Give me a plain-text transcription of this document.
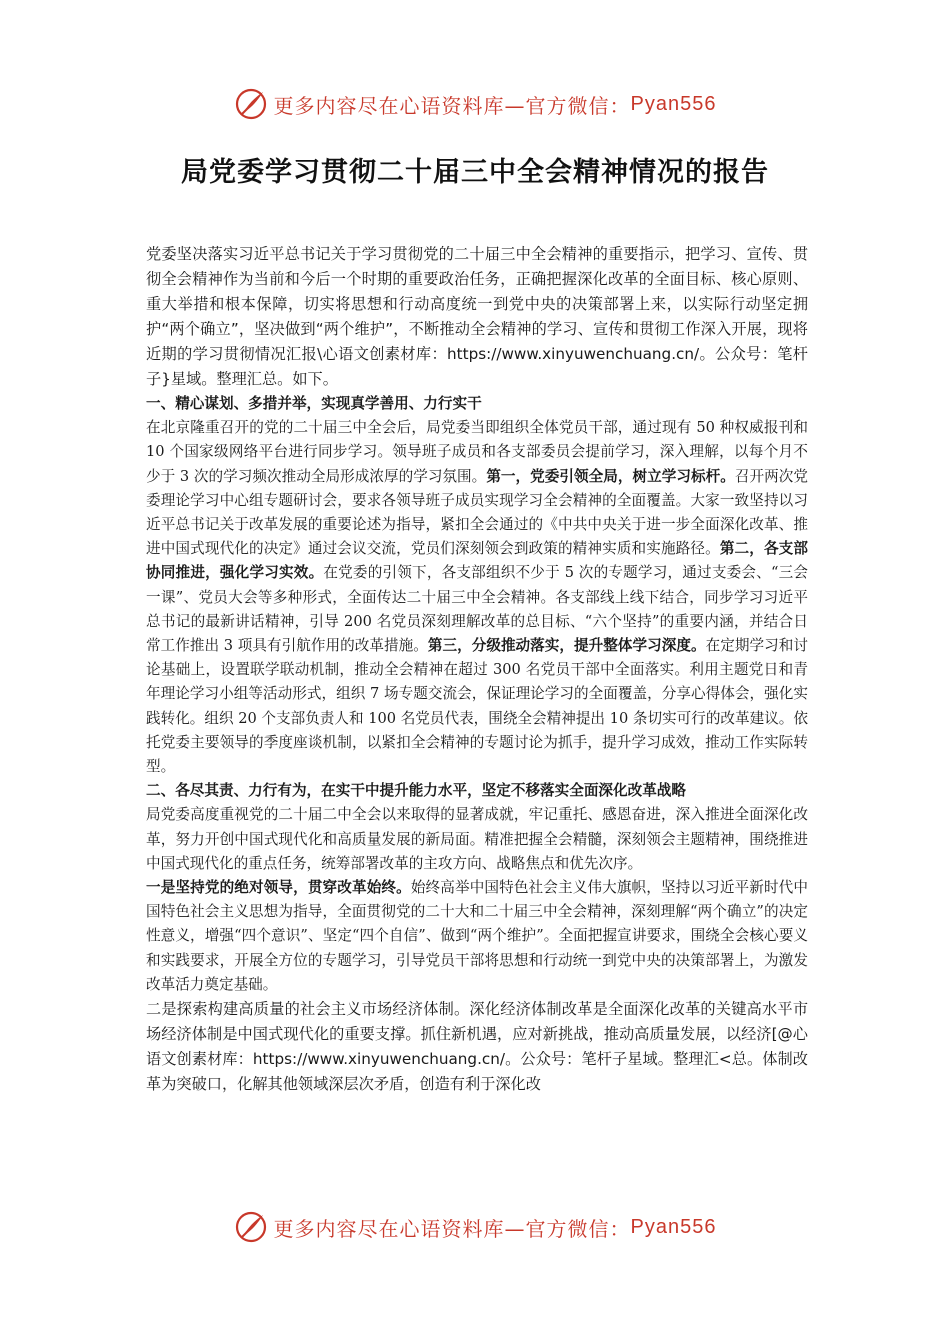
更多内容尽在心语资料库—官方微信： Pyan556
局党委学习贯彻二十届三中全会精神情况的报告

党委坚决落实习近平总书记关于学习贯彻党的二十届三中全会精神的重要指示，把学习、宣传、贯彻全会精神作为当前和今后一个时期的重要政治任务，正确把握深化改革的全面目标、核心原则、重大举措和根本保障，切实将思想和行动高度统一到党中央的决策部署上来，以实际行动坚定拥护“两个确立”，坚决做到“两个维护”，不断推动全会精神的学习、宣传和贯彻工作深入开展，现将近期的学习贯彻情况汇报\心语文创素材库：https://www.xinyuwenchuang.cn/。公众号：笔杆子}星域。整理汇总。如下。

一、精心谋划、多措并举，实现真学善用、力行实干

在北京隆重召开的党的二十届三中全会后，局党委当即组织全体党员干部，通过现有 50 种权威报刊和 10 个国家级网络平台进行同步学习。领导班子成员和各支部委员会提前学习，深入理解，以每个月不少于 3 次的学习频次推动全局形成浓厚的学习氛围。第一，党委引领全局，树立学习标杆。召开两次党委理论学习中心组专题研讨会，要求各领导班子成员实现学习全会精神的全面覆盖。大家一致坚持以习近平总书记关于改革发展的重要论述为指导，紧扣全会通过的《中共中央关于进一步全面深化改革、推进中国式现代化的决定》通过会议交流，党员们深刻领会到政策的精神实质和实施路径。第二，各支部协同推进，强化学习实效。在党委的引领下，各支部组织不少于 5 次的专题学习，通过支委会、“三会一课”、党员大会等多种形式，全面传达二十届三中全会精神。各支部线上线下结合，同步学习习近平总书记的最新讲话精神，引导 200 名党员深刻理解改革的总目标、“六个坚持”的重要内涵，并结合日常工作推出 3 项具有引航作用的改革措施。第三，分级推动落实，提升整体学习深度。在定期学习和讨论基础上，设置联学联动机制，推动全会精神在超过 300 名党员干部中全面落实。利用主题党日和青年理论学习小组等活动形式，组织 7 场专题交流会，保证理论学习的全面覆盖，分享心得体会，强化实践转化。组织 20 个支部负责人和 100 名党员代表，围绕全会精神提出 10 条切实可行的改革建议。依托党委主要领导的季度座谈机制，以紧扣全会精神的专题讨论为抓手，提升学习成效，推动工作实际转型。

二、各尽其责、力行有为，在实干中提升能力水平，坚定不移落实全面深化改革战略

局党委高度重视党的二十届二中全会以来取得的显著成就，牢记重托、感恩奋进，深入推进全面深化改革，努力开创中国式现代化和高质量发展的新局面。精准把握全会精髓，深刻领会主题精神，围绕推进中国式现代化的重点任务，统筹部署改革的主攻方向、战略焦点和优先次序。

一是坚持党的绝对领导，贯穿改革始终。始终高举中国特色社会主义伟大旗帜，坚持以习近平新时代中国特色社会主义思想为指导，全面贯彻党的二十大和二十届三中全会精神，深刻理解“两个确立”的决定性意义，增强“四个意识”、坚定“四个自信”、做到“两个维护”。全面把握宣讲要求，围绕全会核心要义和实践要求，开展全方位的专题学习，引导党员干部将思想和行动统一到党中央的决策部署上，为激发改革活力奠定基础。

二是探索构建高质量的社会主义市场经济体制。深化经济体制改革是全面深化改革的关键高水平市场经济体制是中国式现代化的重要支撑。抓住新机遇，应对新挑战，推动高质量发展，以经济[@心语文创素材库：https://www.xinyuwenchuang.cn/。公众号：笔杆子星域。整理汇<总。体制改革为突破口，化解其他领域深层次矛盾，创造有利于深化改

更多内容尽在心语资料库—官方微信： Pyan556
